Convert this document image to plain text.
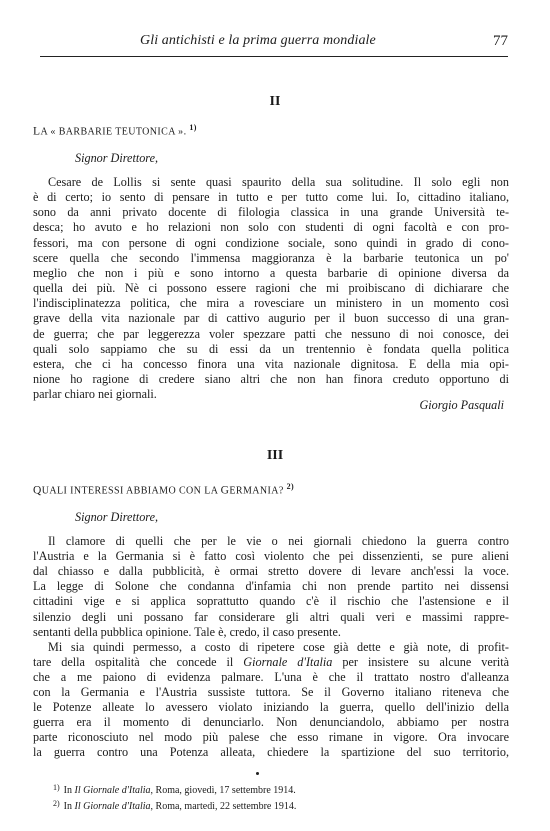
Gli antichisti e la prima guerra mondiale	77
II
LA « BARBARIE TEUTONICA ». $^{1)}$
Signor Direttore,
Cesare de Lollis si sente quasi spaurito della sua solitudine. Il solo egli non
è di certo; io sento di pensare in tutto e per tutto come lui. Io, cittadino italiano,
sono da anni privato docente di filologia classica in una grande Università te-
desca; ho avuto e ho relazioni non solo con studenti di ogni facoltà e con pro-
fessori, ma con persone di ogni condizione sociale, sono quindi in grado di cono-
scere quella che secondo l'immensa maggioranza è la barbarie teutonica un po'
meglio che non i più e sono intorno a questa barbarie di opinione diversa da
quella dei più. Nè ci possono essere ragioni che mi proibiscano di dichiarare che
l'indisciplinatezza politica, che mira a rovesciare un ministero in un momento così
grave della vita nazionale par di cattivo augurio per il buon successo di una gran-
de guerra; che par leggerezza voler spezzare patti che nessuno di noi conosce, dei
quali solo sappiamo che su di essi da un trentennio è fondata quella politica
estera, che ci ha concesso finora una vita nazionale dignitosa. E della mia opi-
nione ho ragione di credere siano altri che non han finora creduto opportuno di
parlar chiaro nei giornali.
Giorgio Pasquali
III
QUALI INTERESSI ABBIAMO CON LA GERMANIA? $^{2)}$
Signor Direttore,
Il clamore di quelli che per le vie o nei giornali chiedono la guerra contro
l'Austria e la Germania si è fatto così violento che pei dissenzienti, se pure alieni
dal chiasso e dalla pubblicità, è ormai stretto dovere di levare anch'essi la voce.
La legge di Solone che condanna d'infamia chi non prende partito nei dissensi
cittadini vige e si applica soprattutto quando c'è il rischio che l'astensione e il
silenzio degli uni possano far considerare gli altri quali veri e massimi rappre-
sentanti della pubblica opinione. Tale è, credo, il caso presente.
Mi sia quindi permesso, a costo di ripetere cose già dette e già note, di profit-
tare della ospitalità che concede il Giornale d'Italia per insistere su alcune verità
che a me paiono di evidenza palmare. L'una è che il trattato nostro d'alleanza
con la Germania e l'Austria sussiste tuttora. Se il Governo italiano riteneva che
le Potenze alleate lo avessero violato iniziando la guerra, quello dell'inizio della
guerra era il momento di denunciarlo. Non denunciandolo, abbiamo per nostra
parte riconosciuto nel modo più palese che esso rimane in vigore. Ora invocare
la guerra contro una Potenza alleata, chiedere la spartizione del suo territorio,
$^{1)}$ In Il Giornale d'Italia, Roma, giovedì, 17 settembre 1914.
$^{2)}$ In Il Giornale d'Italia, Roma, martedì, 22 settembre 1914.
